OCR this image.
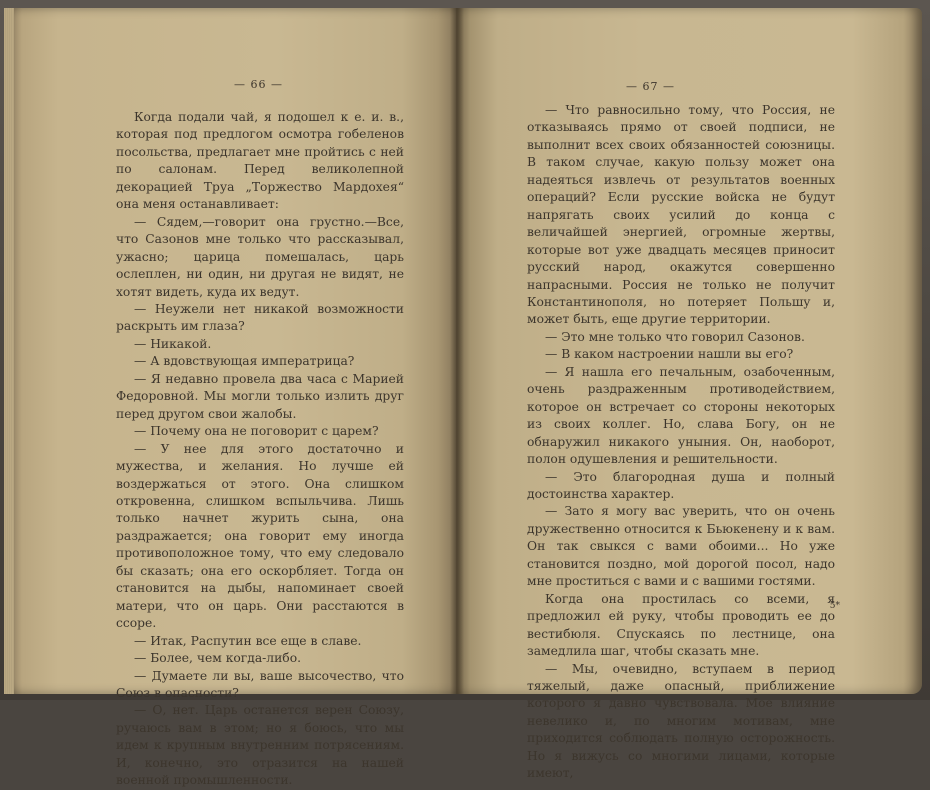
— 66 —

Когда подали чай, я подошел к е. и. в., которая под предлогом осмотра гобеленов посольства, предлагает мне пройтись с ней по салонам. Перед великолепной декорацией Труа „Торжество Мардохея“ она меня останавливает:

— Сядем,—говорит она грустно.—Все, что Сазонов мне только что рассказывал, ужасно; царица помешалась, царь ослеплен, ни один, ни другая не видят, не хотят видеть, куда их ведут.

— Неужели нет никакой возможности раскрыть им глаза?

— Никакой.

— А вдовствующая императрица?

— Я недавно провела два часа с Марией Федоровной. Мы могли только излить друг перед другом свои жалобы.

— Почему она не поговорит с царем?

— У нее для этого достаточно и мужества, и желания. Но лучше ей воздержаться от этого. Она слишком откровенна, слишком вспыльчива. Лишь только начнет журить сына, она раздражается; она говорит ему иногда противоположное тому, что ему следовало бы сказать; она его оскорбляет. Тогда он становится на дыбы, напоминает своей матери, что он царь. Они расстаются в ссоре.

— Итак, Распутин все еще в славе.

— Более, чем когда-либо.

— Думаете ли вы, ваше высочество, что Союз в опасности?

— О, нет. Царь останется верен Союзу, ручаюсь вам в этом; но я боюсь, что мы идем к крупным внутренним потрясениям. И, конечно, это отразится на нашей военной промышленности.

— 67 —

— Что равносильно тому, что Россия, не отказываясь прямо от своей подписи, не выполнит всех своих обязанностей союзницы. В таком случае, какую пользу может она надеяться извлечь от результатов военных операций? Если русские войска не будут напрягать своих усилий до конца с величайшей энергией, огромные жертвы, которые вот уже двадцать месяцев приносит русский народ, окажутся совершенно напрасными. Россия не только не получит Константинополя, но потеряет Польшу и, может быть, еще другие территории.

— Это мне только что говорил Сазонов.

— В каком настроении нашли вы его?

— Я нашла его печальным, озабоченным, очень раздраженным противодействием, которое он встречает со стороны некоторых из своих коллег. Но, слава Богу, он не обнаружил никакого уныния. Он, наоборот, полон одушевления и решительности.

— Это благородная душа и полный достоинства характер.

— Зато я могу вас уверить, что он очень дружественно относится к Бьюкенену и к вам. Он так свыкся с вами обоими... Но уже становится поздно, мой дорогой посол, надо мне проститься с вами и с вашими гостями.

Когда она простилась со всеми, я предложил ей руку, чтобы проводить ее до вестибюля. Спускаясь по лестнице, она замедлила шаг, чтобы сказать мне.

— Мы, очевидно, вступаем в период тяжелый, даже опасный, приближение которого я давно чувствовала. Мое влияние невелико и, по многим мотивам, мне приходится соблюдать полную осторожность. Но я вижусь со многими лицами, которые имеют,

5*
